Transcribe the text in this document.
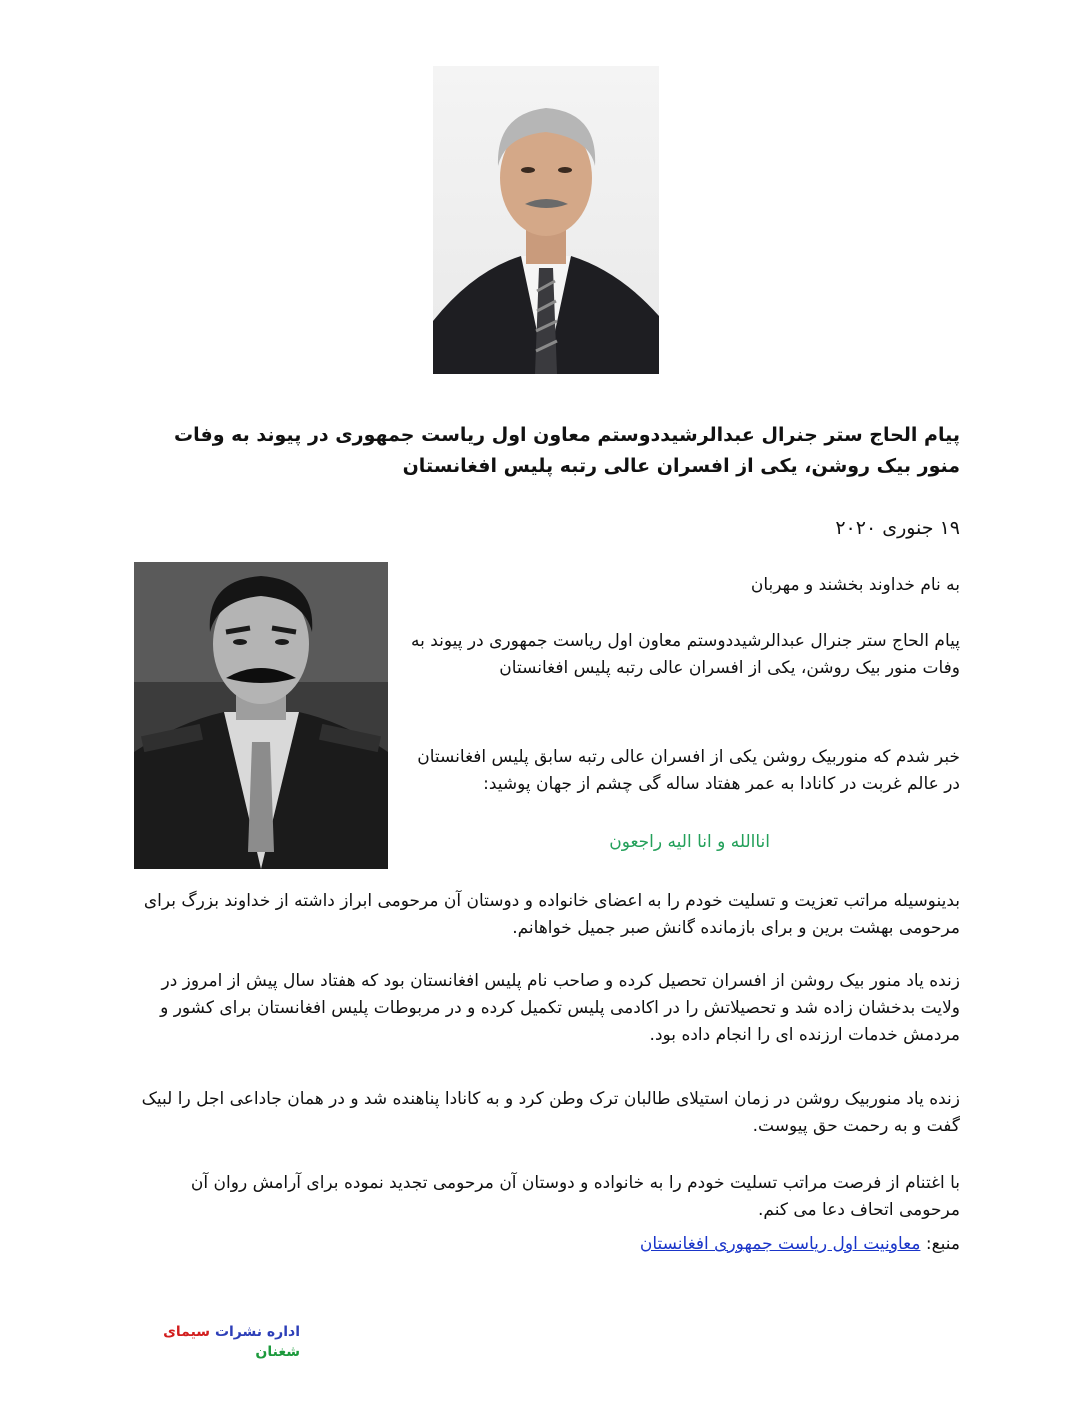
پیام الحاج ستر جنرال عبدالرشیددوستم معاون اول ریاست جمهوری در پیوند به وفات منور بیک روشن، یکی از افسران عالی رتبه پلیس افغانستان
۱۹ جنوری ۲۰۲۰
به نام خداوند بخشند و مهربان
پیام الحاج ستر جنرال عبدالرشیددوستم معاون اول ریاست جمهوری در پیوند به وفات منور بیک روشن، یکی از افسران عالی رتبه پلیس افغانستان
خبر شدم که منوربیک روشن یکی از افسران عالی رتبه سابق پلیس افغانستان در عالم غربت در کانادا به عمر هفتاد ساله گی چشم از جهان پوشید:
اناالله و انا الیه راجعون
بدینوسیله مراتب تعزیت و تسلیت خودم را به اعضای خانواده و دوستان آن مرحومی ابراز داشته از خداوند بزرگ برای مرحومی بهشت برین و برای بازمانده گانش صبر جمیل خواهانم.
زنده یاد منور بیک روشن از افسران تحصیل کرده و صاحب نام پلیس افغانستان بود که هفتاد سال پیش از امروز در ولایت بدخشان زاده شد و تحصیلاتش را در اکادمی پلیس تکمیل کرده و در مربوطات پلیس افغانستان برای کشور و مردمش خدمات ارزنده ای را انجام داده بود.
زنده یاد منوربیک روشن در زمان استیلای طالبان ترک وطن کرد و به کانادا پناهنده شد و در همان جاداعی اجل را لبیک گفت و به رحمت حق پیوست.
با اغتنام از فرصت مراتب تسلیت خودم را به خانواده و دوستان آن مرحومی تجدید نموده برای آرامش روان آن مرحومی اتحاف دعا می کنم.
منبع: معاونیت اول ریاست جمهوری افغانستان
اداره نشرات سیمای شغنان
